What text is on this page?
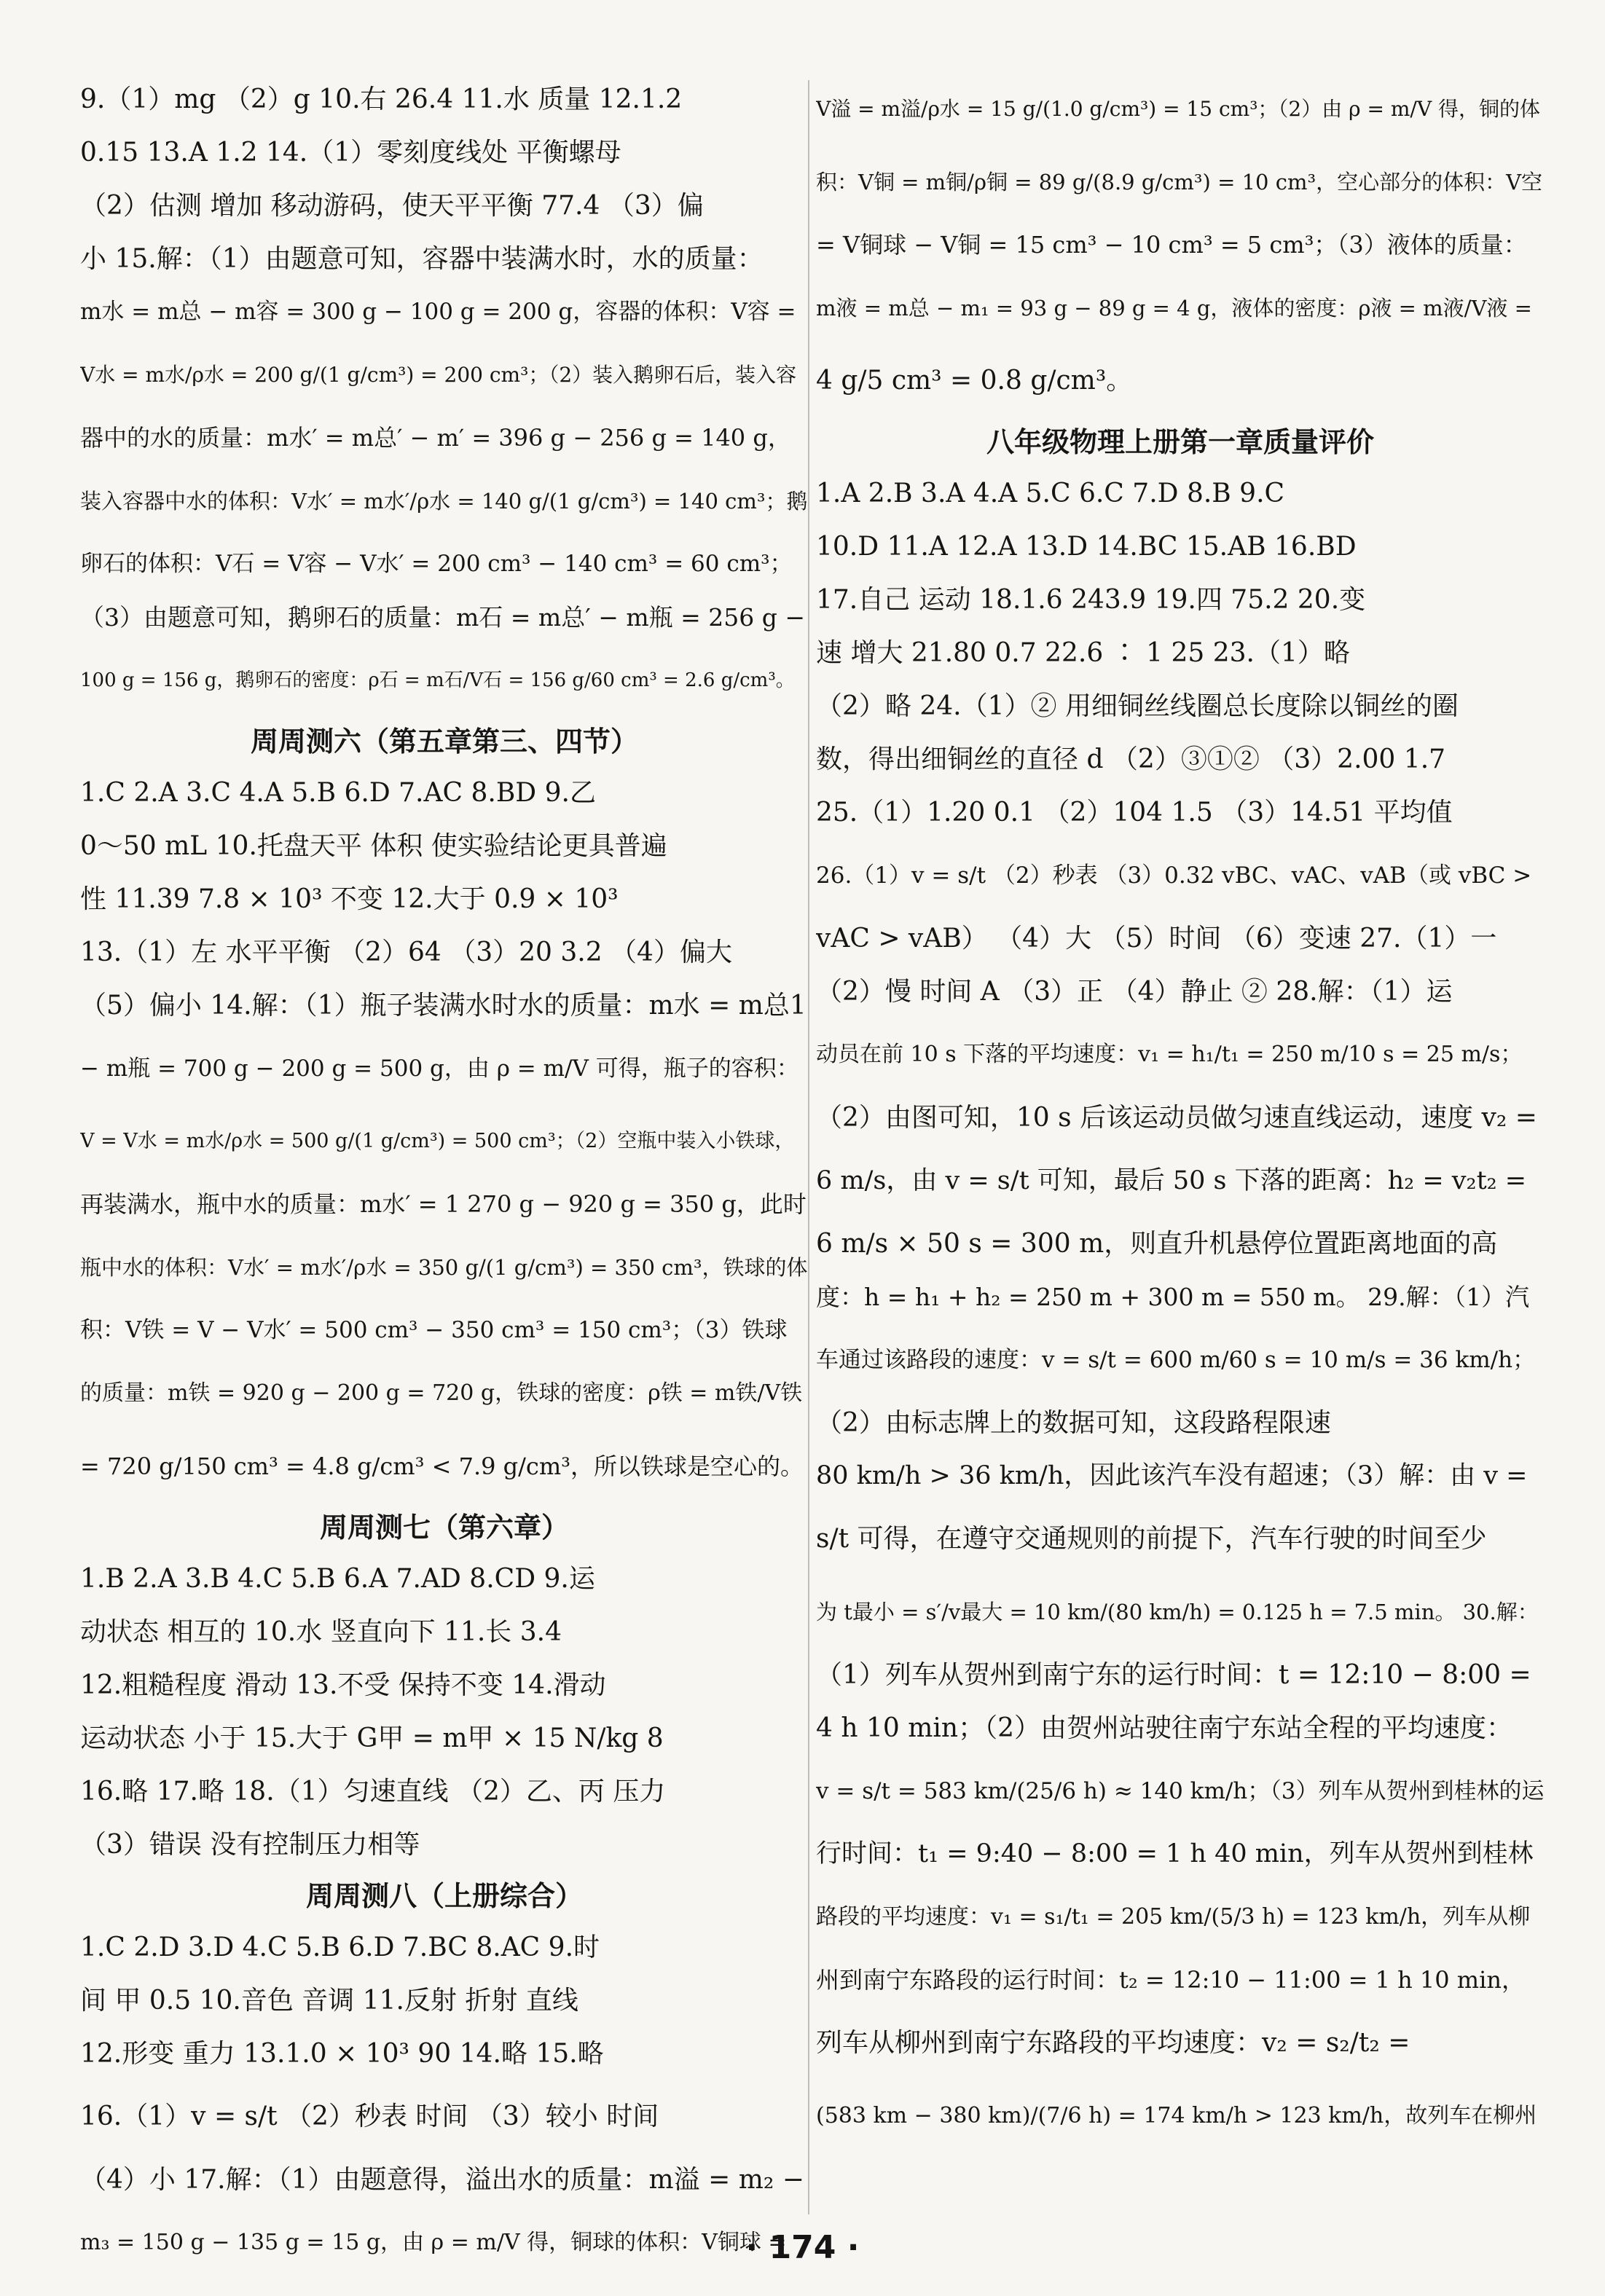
9.（1）mg （2）g 10.右 26.4 11.水 质量 12.1.2
0.15 13.A 1.2 14.（1）零刻度线处 平衡螺母
（2）估测 增加 移动游码，使天平平衡 77.4 （3）偏
小 15.解：（1）由题意可知，容器中装满水时，水的质量：
m水 = m总 − m容 = 300 g − 100 g = 200 g，容器的体积：V容 =
V水 = m水/ρ水 = 200 g/(1 g/cm³) = 200 cm³；（2）装入鹅卵石后，装入容
器中的水的质量：m水′ = m总′ − m′ = 396 g − 256 g = 140 g，
装入容器中水的体积：V水′ = m水′/ρ水 = 140 g/(1 g/cm³) = 140 cm³；鹅
卵石的体积：V石 = V容 − V水′ = 200 cm³ − 140 cm³ = 60 cm³；
（3）由题意可知，鹅卵石的质量：m石 = m总′ − m瓶 = 256 g −
100 g = 156 g，鹅卵石的密度：ρ石 = m石/V石 = 156 g/60 cm³ = 2.6 g/cm³。
周周测六（第五章第三、四节）
1.C 2.A 3.C 4.A 5.B 6.D 7.AC 8.BD 9.乙
0～50 mL 10.托盘天平 体积 使实验结论更具普遍
性 11.39 7.8 × 10³ 不变 12.大于 0.9 × 10³
13.（1）左 水平平衡 （2）64 （3）20 3.2 （4）偏大
（5）偏小 14.解：（1）瓶子装满水时水的质量：m水 = m总1
− m瓶 = 700 g − 200 g = 500 g，由 ρ = m/V 可得，瓶子的容积：
V = V水 = m水/ρ水 = 500 g/(1 g/cm³) = 500 cm³；（2）空瓶中装入小铁球，
再装满水，瓶中水的质量：m水′ = 1 270 g − 920 g = 350 g，此时
瓶中水的体积：V水′ = m水′/ρ水 = 350 g/(1 g/cm³) = 350 cm³，铁球的体
积：V铁 = V − V水′ = 500 cm³ − 350 cm³ = 150 cm³；（3）铁球
的质量：m铁 = 920 g − 200 g = 720 g，铁球的密度：ρ铁 = m铁/V铁
= 720 g/150 cm³ = 4.8 g/cm³ < 7.9 g/cm³，所以铁球是空心的。
周周测七（第六章）
1.B 2.A 3.B 4.C 5.B 6.A 7.AD 8.CD 9.运
动状态 相互的 10.水 竖直向下 11.长 3.4
12.粗糙程度 滑动 13.不受 保持不变 14.滑动
运动状态 小于 15.大于 G甲 = m甲 × 15 N/kg 8
16.略 17.略 18.（1）匀速直线 （2）乙、丙 压力
（3）错误 没有控制压力相等
周周测八（上册综合）
1.C 2.D 3.D 4.C 5.B 6.D 7.BC 8.AC 9.时
间 甲 0.5 10.音色 音调 11.反射 折射 直线
12.形变 重力 13.1.0 × 10³ 90 14.略 15.略
16.（1）v = s/t （2）秒表 时间 （3）较小 时间
（4）小 17.解：（1）由题意得，溢出水的质量：m溢 = m₂ −
m₃ = 150 g − 135 g = 15 g，由 ρ = m/V 得，铜球的体积：V铜球 =
V溢 = m溢/ρ水 = 15 g/(1.0 g/cm³) = 15 cm³；（2）由 ρ = m/V 得，铜的体
积：V铜 = m铜/ρ铜 = 89 g/(8.9 g/cm³) = 10 cm³，空心部分的体积：V空
= V铜球 − V铜 = 15 cm³ − 10 cm³ = 5 cm³；（3）液体的质量：
m液 = m总 − m₁ = 93 g − 89 g = 4 g，液体的密度：ρ液 = m液/V液 =
4 g/5 cm³ = 0.8 g/cm³。
八年级物理上册第一章质量评价
1.A 2.B 3.A 4.A 5.C 6.C 7.D 8.B 9.C
10.D 11.A 12.A 13.D 14.BC 15.AB 16.BD
17.自己 运动 18.1.6 243.9 19.四 75.2 20.变
速 增大 21.80 0.7 22.6 ∶ 1 25 23.（1）略
（2）略 24.（1）② 用细铜丝线圈总长度除以铜丝的圈
数，得出细铜丝的直径 d （2）③①② （3）2.00 1.7
25.（1）1.20 0.1 （2）104 1.5 （3）14.51 平均值
26.（1）v = s/t （2）秒表 （3）0.32 vBC、vAC、vAB（或 vBC >
vAC > vAB） （4）大 （5）时间 （6）变速 27.（1）一
（2）慢 时间 A （3）正 （4）静止 ② 28.解：（1）运
动员在前 10 s 下落的平均速度：v₁ = h₁/t₁ = 250 m/10 s = 25 m/s；
（2）由图可知，10 s 后该运动员做匀速直线运动，速度 v₂ =
6 m/s，由 v = s/t 可知，最后 50 s 下落的距离：h₂ = v₂t₂ =
6 m/s × 50 s = 300 m，则直升机悬停位置距离地面的高
度：h = h₁ + h₂ = 250 m + 300 m = 550 m。 29.解：（1）汽
车通过该路段的速度：v = s/t = 600 m/60 s = 10 m/s = 36 km/h；
（2）由标志牌上的数据可知，这段路程限速
80 km/h > 36 km/h，因此该汽车没有超速；（3）解：由 v =
s/t 可得，在遵守交通规则的前提下，汽车行驶的时间至少
为 t最小 = s′/v最大 = 10 km/(80 km/h) = 0.125 h = 7.5 min。 30.解：
（1）列车从贺州到南宁东的运行时间：t = 12:10 − 8:00 =
4 h 10 min；（2）由贺州站驶往南宁东站全程的平均速度：
v = s/t = 583 km/(25/6 h) ≈ 140 km/h；（3）列车从贺州到桂林的运
行时间：t₁ = 9:40 − 8:00 = 1 h 40 min，列车从贺州到桂林
路段的平均速度：v₁ = s₁/t₁ = 205 km/(5/3 h) = 123 km/h，列车从柳
州到南宁东路段的运行时间：t₂ = 12:10 − 11:00 = 1 h 10 min，
列车从柳州到南宁东路段的平均速度：v₂ = s₂/t₂ =
(583 km − 380 km)/(7/6 h) = 174 km/h > 123 km/h，故列车在柳州
· 174 ·
